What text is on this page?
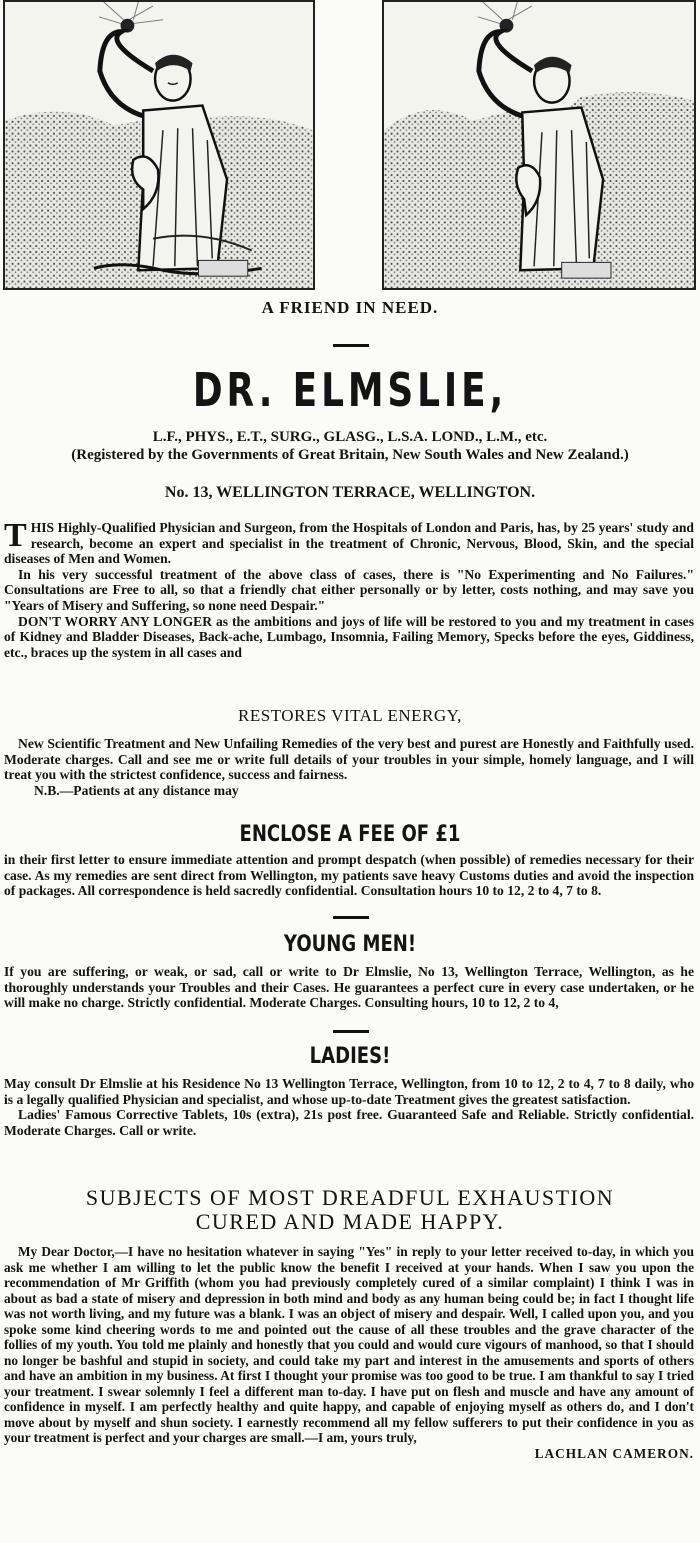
A FRIEND IN NEED.

DR. ELMSLIE,

L.F., PHYS., E.T., SURG., GLASG., L.S.A. LOND., L.M., etc.

(Registered by the Governments of Great Britain, New South Wales and New Zealand.)

No. 13, WELLINGTON TERRACE, WELLINGTON.

THIS Highly-Qualified Physician and Surgeon, from the Hospitals of London and Paris, has, by 25 years' study and research, become an expert and specialist in the treatment of Chronic, Nervous, Blood, Skin, and the special diseases of Men and Women.

In his very successful treatment of the above class of cases, there is "No Experimenting and No Failures." Consultations are Free to all, so that a friendly chat either personally or by letter, costs nothing, and may save you "Years of Misery and Suffering, so none need Despair."

DON'T WORRY ANY LONGER as the ambitions and joys of life will be restored to you and my treatment in cases of Kidney and Bladder Diseases, Back-ache, Lumbago, Insomnia, Failing Memory, Specks before the eyes, Giddiness, etc., braces up the system in all cases and

RESTORES VITAL ENERGY,

New Scientific Treatment and New Unfailing Remedies of the very best and purest are Honestly and Faithfully used. Moderate charges. Call and see me or write full details of your troubles in your simple, homely language, and I will treat you with the strictest confidence, success and fairness.

N.B.—Patients at any distance may

ENCLOSE A FEE OF £1

in their first letter to ensure immediate attention and prompt despatch (when possible) of remedies necessary for their case. As my remedies are sent direct from Wellington, my patients save heavy Customs duties and avoid the inspection of packages. All correspondence is held sacredly confidential. Consultation hours 10 to 12, 2 to 4, 7 to 8.

YOUNG MEN!

If you are suffering, or weak, or sad, call or write to Dr Elmslie, No 13, Wellington Terrace, Wellington, as he thoroughly understands your Troubles and their Cases. He guarantees a perfect cure in every case undertaken, or he will make no charge. Strictly confidential. Moderate Charges. Consulting hours, 10 to 12, 2 to 4,

LADIES!

May consult Dr Elmslie at his Residence No 13 Wellington Terrace, Wellington, from 10 to 12, 2 to 4, 7 to 8 daily, who is a legally qualified Physician and specialist, and whose up-to-date Treatment gives the greatest satisfaction.

Ladies' Famous Corrective Tablets, 10s (extra), 21s post free. Guaranteed Safe and Reliable. Strictly confidential. Moderate Charges. Call or write.

SUBJECTS OF MOST DREADFUL EXHAUSTION

CURED AND MADE HAPPY.

My Dear Doctor,—I have no hesitation whatever in saying "Yes" in reply to your letter received to-day, in which you ask me whether I am willing to let the public know the benefit I received at your hands. When I saw you upon the recommendation of Mr Griffith (whom you had previously completely cured of a similar complaint) I think I was in about as bad a state of misery and depression in both mind and body as any human being could be; in fact I thought life was not worth living, and my future was a blank. I was an object of misery and despair. Well, I called upon you, and you spoke some kind cheering words to me and pointed out the cause of all these troubles and the grave character of the follies of my youth. You told me plainly and honestly that you could and would cure vigours of manhood, so that I should no longer be bashful and stupid in society, and could take my part and interest in the amusements and sports of others and have an ambition in my business. At first I thought your promise was too good to be true. I am thankful to say I tried your treatment. I swear solemnly I feel a different man to-day. I have put on flesh and muscle and have any amount of confidence in myself. I am perfectly healthy and quite happy, and capable of enjoying myself as others do, and I don't move about by myself and shun society. I earnestly recommend all my fellow sufferers to put their confidence in you as your treatment is perfect and your charges are small.—I am, yours truly,

LACHLAN CAMERON.
